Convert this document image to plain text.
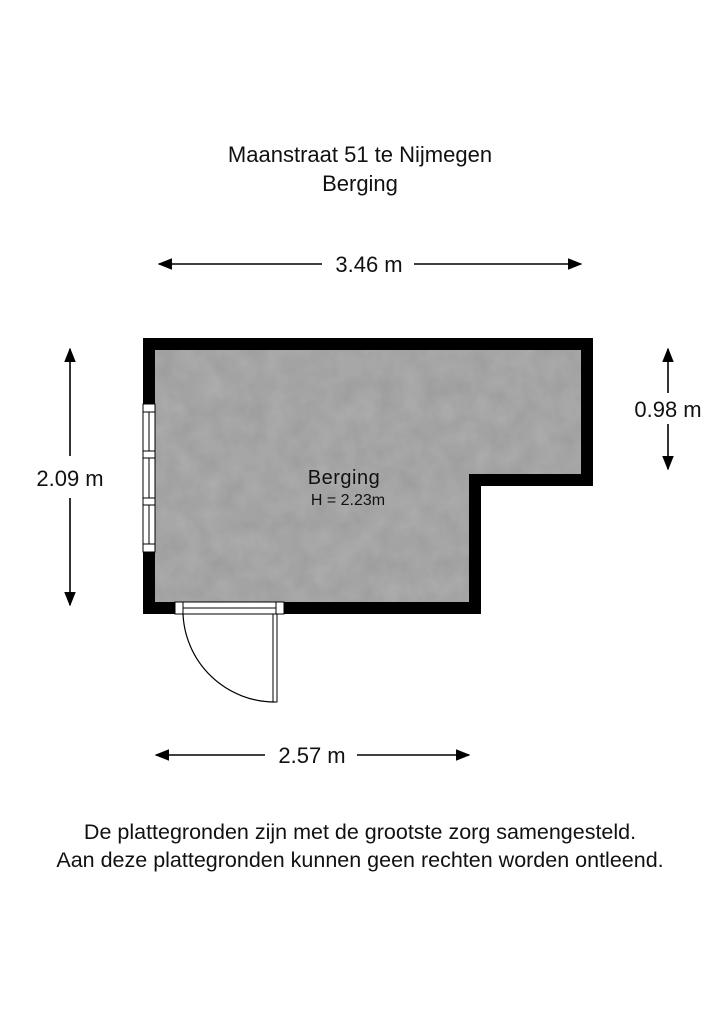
Maanstraat 51 te Nijmegen
Berging
3.46 m
2.09 m
0.98 m
Berging
H = 2.23m
2.57 m
De plattegronden zijn met de grootste zorg samengesteld.
Aan deze plattegronden kunnen geen rechten worden ontleend.
